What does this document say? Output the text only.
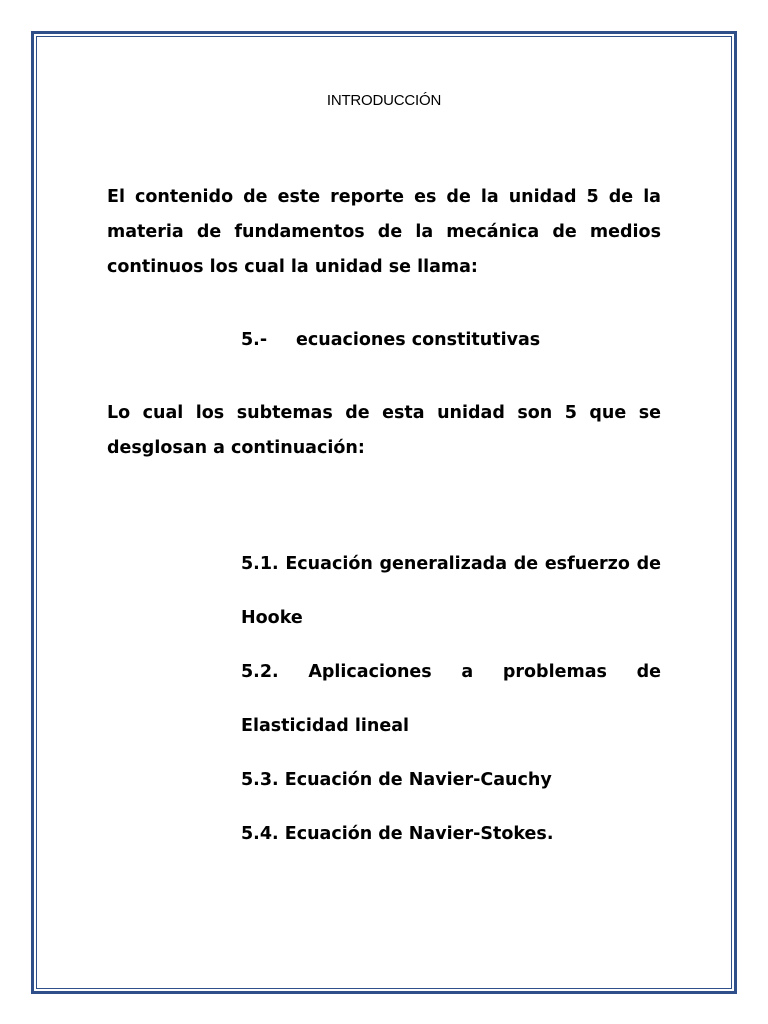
INTRODUCCIÓN
El contenido de este reporte es de la unidad 5 de la materia de fundamentos de la mecánica de medios continuos los cual la unidad se llama:
5.- ecuaciones constitutivas
Lo cual los subtemas de esta unidad son 5 que se desglosan a continuación:
5.1. Ecuación generalizada de esfuerzo de Hooke
5.2. Aplicaciones a problemas de Elasticidad lineal
5.3. Ecuación de Navier-Cauchy
5.4. Ecuación de Navier-Stokes.
